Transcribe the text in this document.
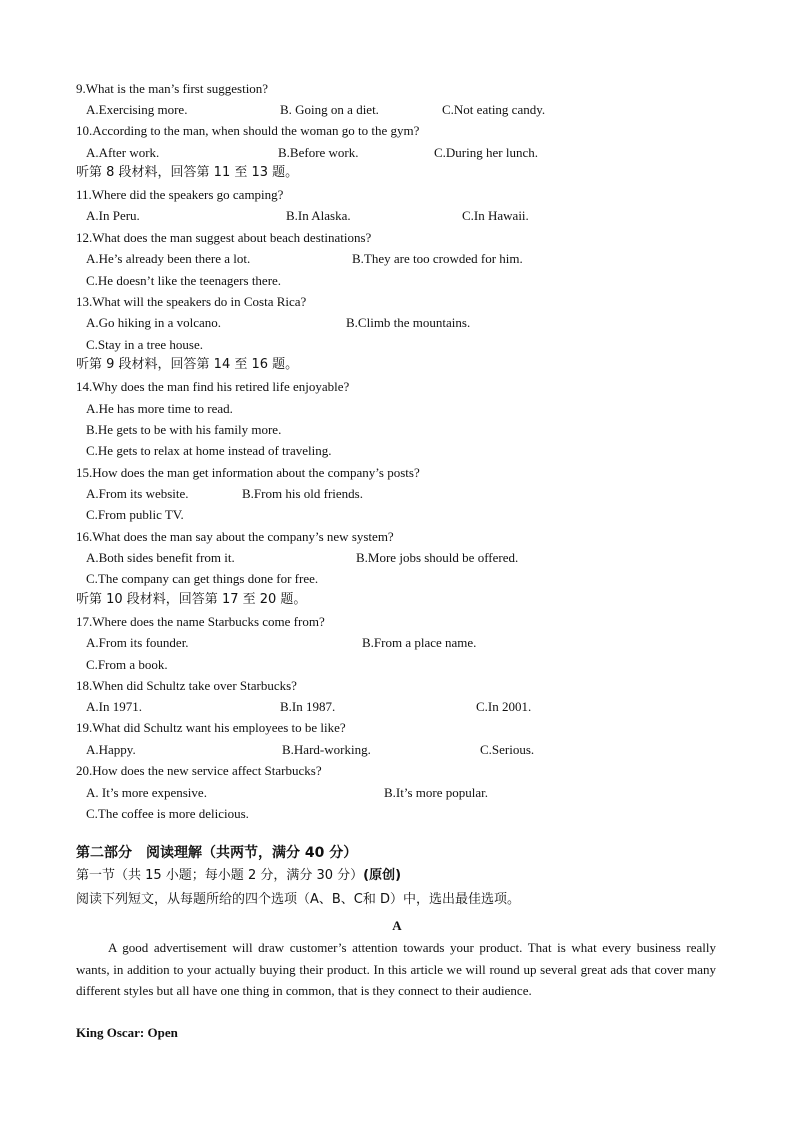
9.What is the man’s first suggestion?
A.Exercising more.	B. Going on a diet.	C.Not eating candy.
10.According to the man, when should the woman go to the gym?
A.After work.	B.Before work.	C.During her lunch.
听第 8 段材料，回答第 11 至 13 题。
11.Where did the speakers go camping?
A.In Peru.	B.In Alaska.	C.In Hawaii.
12.What does the man suggest about beach destinations?
A.He’s already been there a lot.	B.They are too crowded for him.
C.He doesn’t like the teenagers there.
13.What will the speakers do in Costa Rica?
A.Go hiking in a volcano.	B.Climb the mountains.
C.Stay in a tree house.
听第 9 段材料，回答第 14 至 16 题。
14.Why does the man find his retired life enjoyable?
A.He has more time to read.
B.He gets to be with his family more.
C.He gets to relax at home instead of traveling.
15.How does the man get information about the company’s posts?
A.From its website.	B.From his old friends.
C.From public TV.
16.What does the man say about the company’s new system?
A.Both sides benefit from it.	B.More jobs should be offered.
C.The company can get things done for free.
听第 10 段材料，回答第 17 至 20 题。
17.Where does the name Starbucks come from?
A.From its founder.	B.From a place name.
C.From a book.
18.When did Schultz take over Starbucks?
A.In 1971.	B.In 1987.	C.In 2001.
19.What did Schultz want his employees to be like?
A.Happy.	B.Hard-working.	C.Serious.
20.How does the new service affect Starbucks?
A. It’s more expensive.	B.It’s more popular.
C.The coffee is more delicious.
第二部分　阅读理解（共两节，满分 40 分）
第一节（共 15 小题；每小题 2 分，满分 30 分）(原创)
阅读下列短文，从每题所给的四个选项（A、B、C和 D）中，选出最佳选项。
A
A good advertisement will draw customer’s attention towards your product. That is what every business really wants, in addition to your actually buying their product. In this article we will round up several great ads that cover many different styles but all have one thing in common, that is they connect to their audience.
King Oscar: Open
